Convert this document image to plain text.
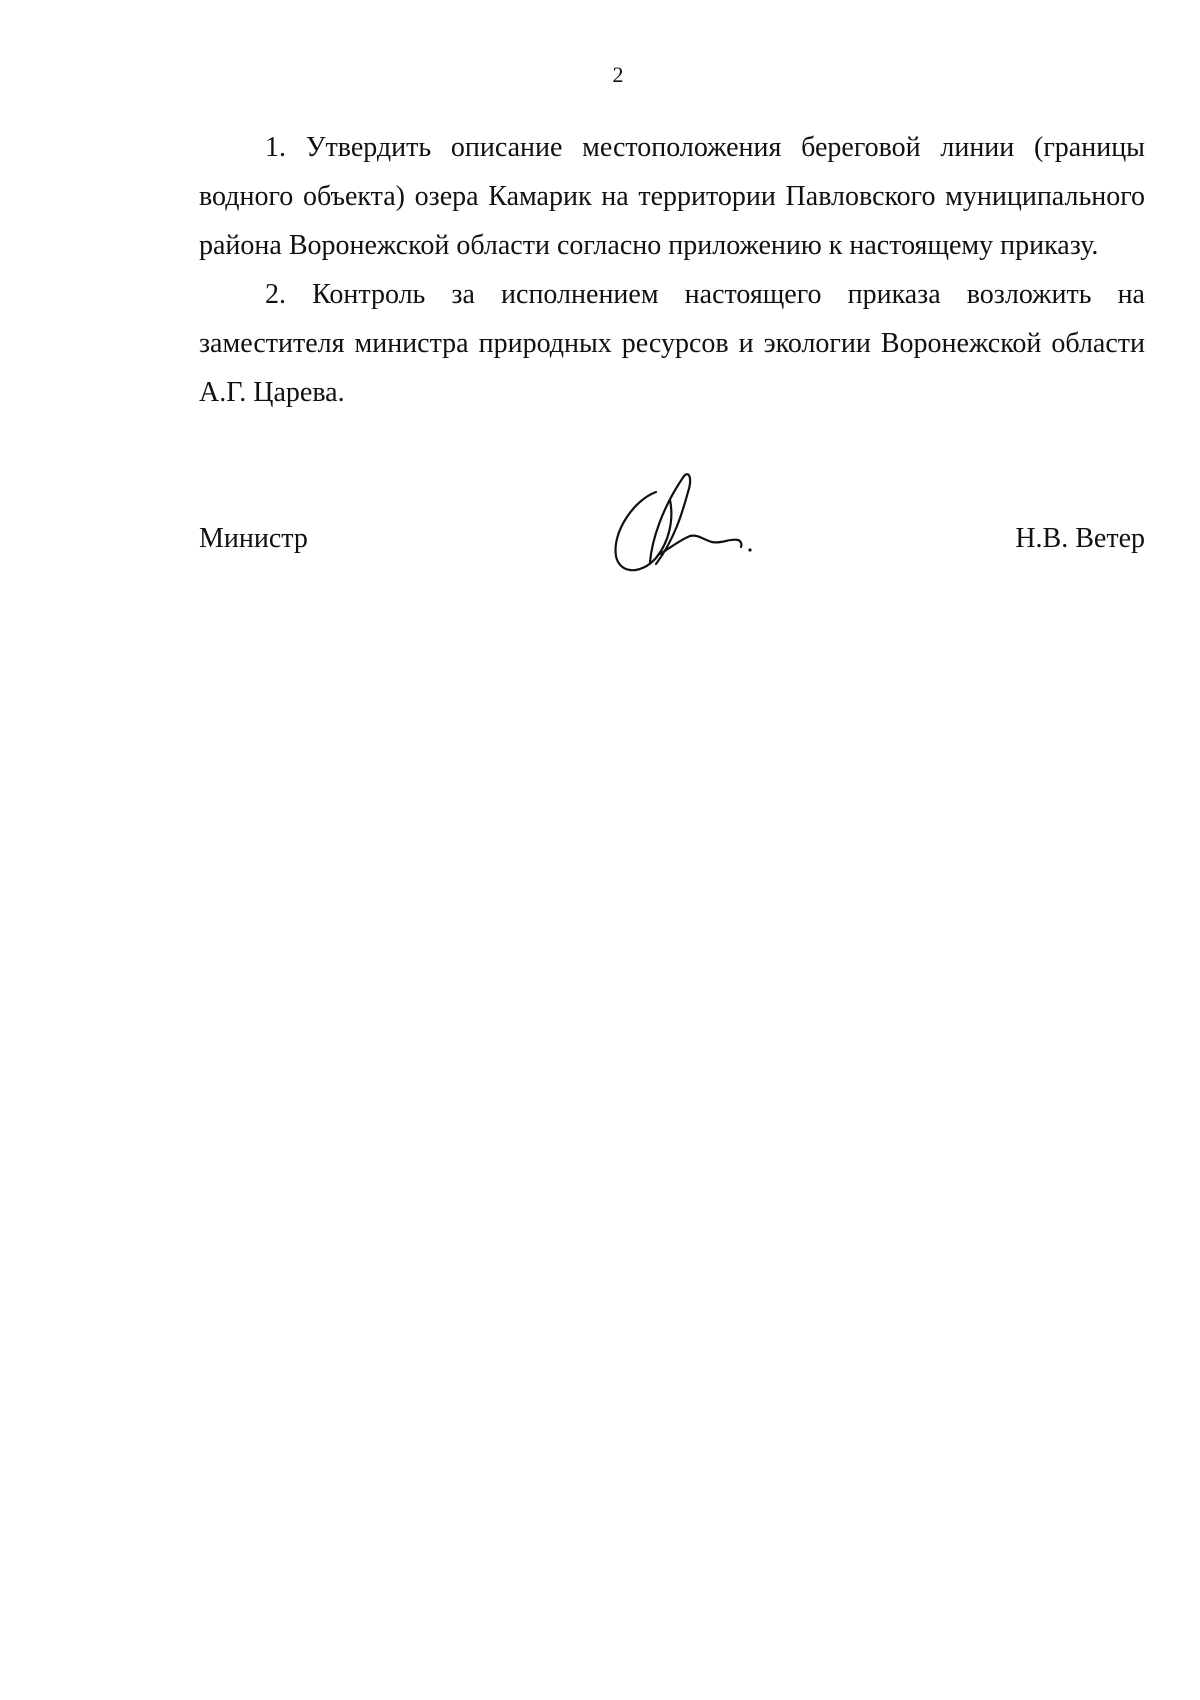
2

1. Утвердить описание местоположения береговой линии (границы водного объекта) озера Камарик на территории Павловского муниципального района Воронежской области согласно приложению к настоящему приказу.

2. Контроль за исполнением настоящего приказа возложить на заместителя министра природных ресурсов и экологии Воронежской области А.Г. Царева.

Министр	Н.В. Ветер
